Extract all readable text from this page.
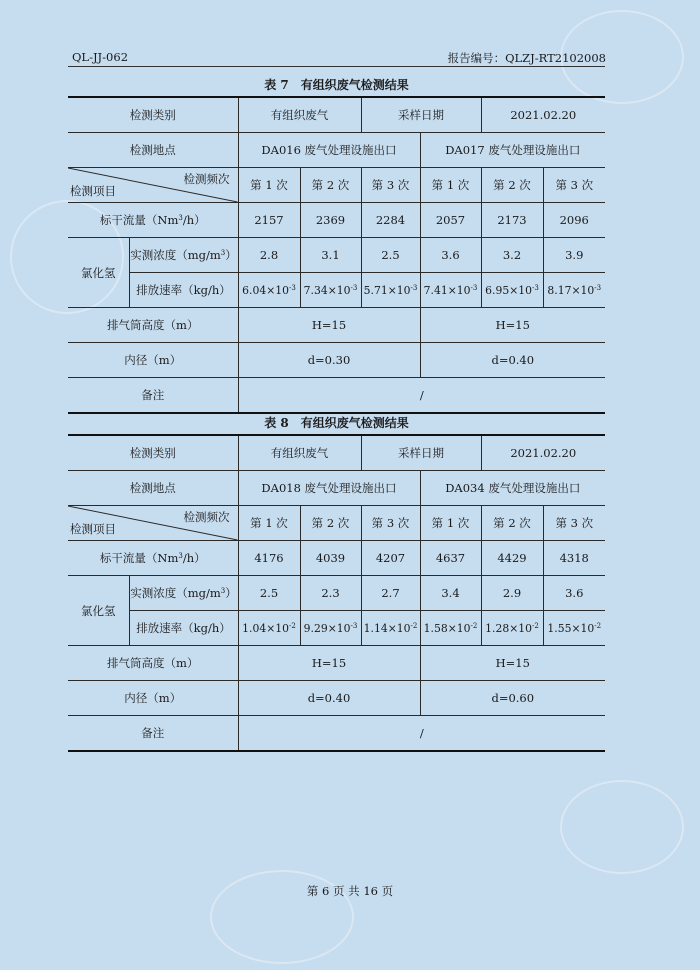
QL-JJ-062	报告编号：QLZJ-RT2102008
表 7　有组织废气检测结果
检测类别		有组织废气		采样日期		2021.02.20	
检测地点		DA016 废气处理设施出口			DA017 废气处理设施出口		

检测频次
检测项目		第 1 次	第 2 次	第 3 次	第 1 次	第 2 次	第 3 次
标干流量（Nm$^3$/h）		2157	2369	2284	2057	2173	2096
氯化氢	实测浓度$(mg/m^3)$	2.8	3.1	2.5	3.6	3.2	3.9
	排放速率（kg/h）	$6.04\times 10^{-3}$	$7.34\times 10^{-3}$	$5.71\times 10^{-3}$	$7.41\times 10^{-3}$	$6.95\times 10^{-3}$	$8.17\times 10^{-3}$
排气筒高度（m）		H=15			H=15		
内径（m）		d=0.30			d=0.40		
备注		/					
表 8　有组织废气检测结果
检测类别		有组织废气		采样日期		2021.02.20	
检测地点		DA018 废气处理设施出口			DA034 废气处理设施出口		

检测频次
检测项目		第 1 次	第 2 次	第 3 次	第 1 次	第 2 次	第 3 次
标干流量（Nm$^3$/h）		4176	4039	4207	4637	4429	4318
氯化氢	实测浓度$(mg/m^3)$	2.5	2.3	2.7	3.4	2.9	3.6
	排放速率（kg/h）	$1.04\times 10^{-2}$	$9.29\times 10^{-3}$	$1.14\times 10^{-2}$	$1.58\times 10^{-2}$	$1.28\times 10^{-2}$	$1.55\times 10^{-2}$
排气筒高度（m）		H=15			H=15		
内径（m）		d=0.40			d=0.60		
备注		/					
第 6 页 共 16 页
